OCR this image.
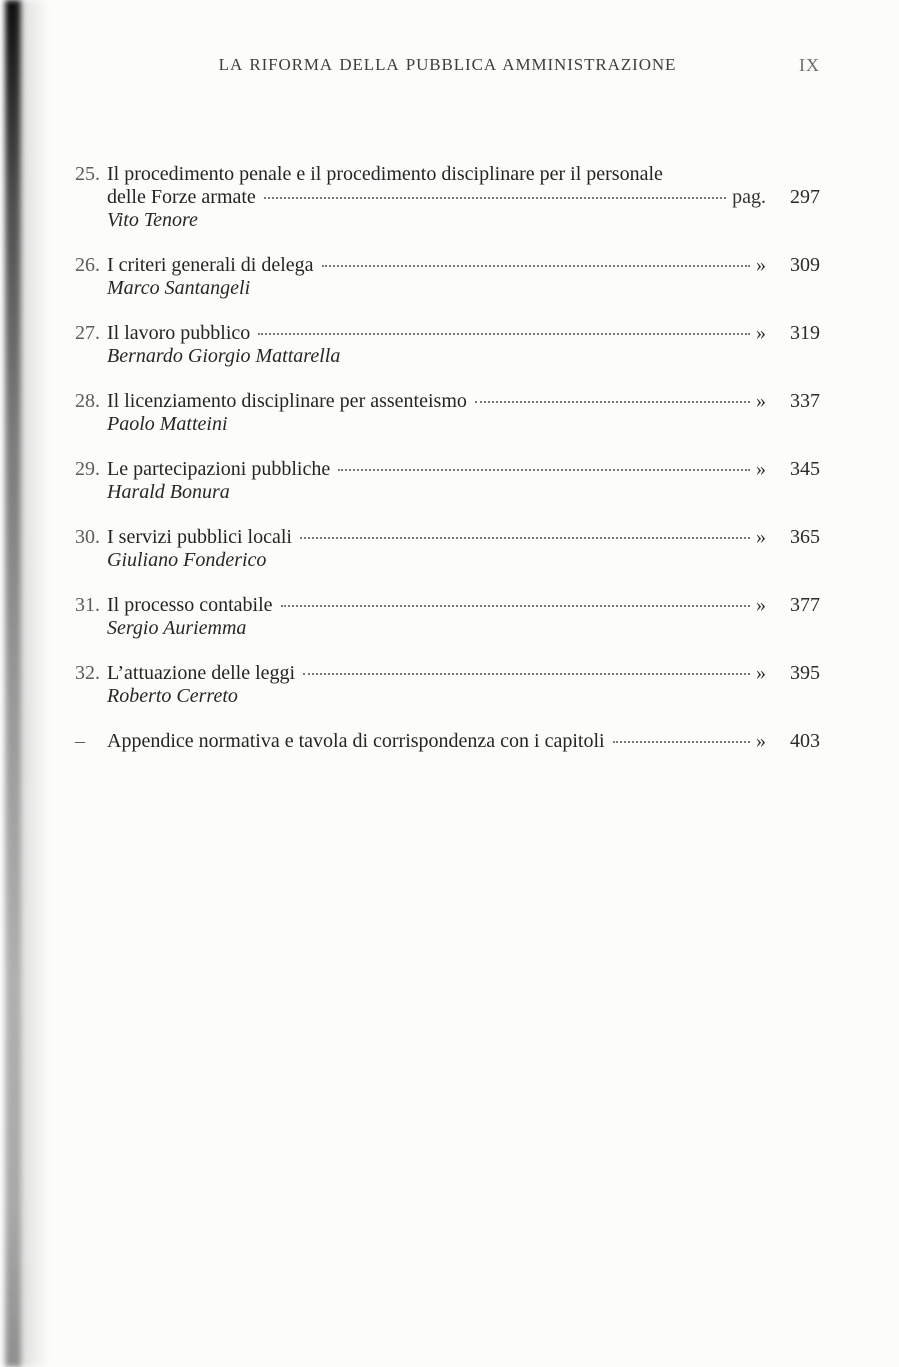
LA RIFORMA DELLA PUBBLICA AMMINISTRAZIONE	IX
25. Il procedimento penale e il procedimento disciplinare per il personale
delle Forze armate	pag.	297
Vito Tenore
26. I criteri generali di delega	»	309
Marco Santangeli
27. Il lavoro pubblico	»	319
Bernardo Giorgio Mattarella
28. Il licenziamento disciplinare per assenteismo	»	337
Paolo Matteini
29. Le partecipazioni pubbliche	»	345
Harald Bonura
30. I servizi pubblici locali	»	365
Giuliano Fonderico
31. Il processo contabile	»	377
Sergio Auriemma
32. L’attuazione delle leggi	»	395
Roberto Cerreto
–	Appendice normativa e tavola di corrispondenza con i capitoli	»	403
